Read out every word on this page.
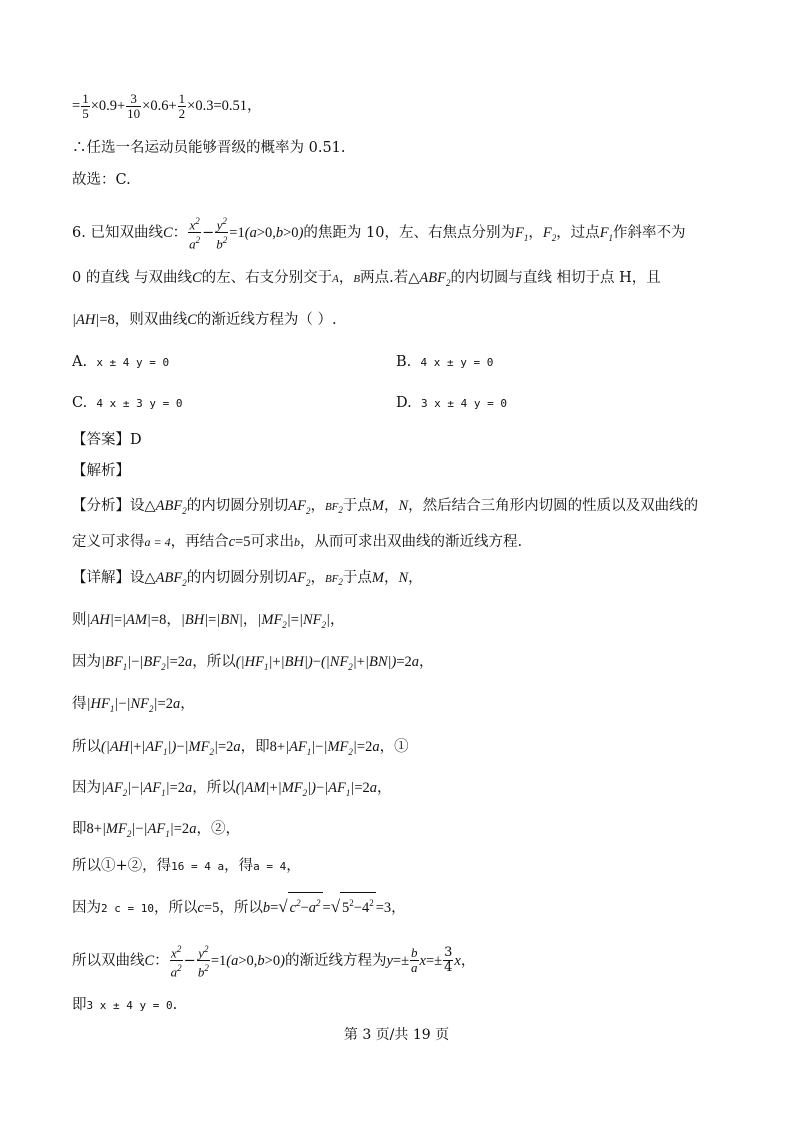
= $\frac{1}{5} \times 0.9+ \frac{3}{10} \times 0.6+ \frac{1}{2} \times 0.3=0.51$，
∴任选一名运动员能够晋级的概率为 0.51.
故选：C.
6. 已知双曲线C： $\frac{x^2}{a^2} - \frac{y^2}{b^2} =1(a>0,b>0)$的焦距为 10，左、右焦点分别为$F_1$，$F_2$，过点$F_1$作斜率不为
0 的直线 与双曲线C的左、右支分别交于A，B两点.若$\triangle ABF_2$的内切圆与直线 相切于点 H，且
|AH|=8，则双曲线C的渐近线方程为（ ）.
A. x ± 4 y = 0	B. 4 x ± y = 0
C. 4 x ± 3 y = 0	D. 3 x ± 4 y = 0
【答案】D
【解析】
【分析】设$\triangle ABF_2$的内切圆分别切$AF_2$，$BF_2$于点M，N，然后结合三角形内切圆的性质以及双曲线的
定义可求得a = 4，再结合c=5可求出b，从而可求出双曲线的渐近线方程.
【详解】设$\triangle ABF_2$的内切圆分别切$AF_2$，$BF_2$于点M，N，
则|AH|=|AM|=8，|BH|=|BN|，$|MF_2|=|NF_2|$，
因为$|BF_1|-|BF_2|=2a$，所以$(|HF_1|+|BH|)-(|NF_2|+|BN|)=2a$，
得$|HF_1|-|NF_2|=2a$，
所以$(|AH|+|AF_1|)-|MF_2|=2a$，即$8+|AF_1|-|MF_2|=2a$，①
因为$|AF_2|-|AF_1|=2a$，所以$(|AM|+|MF_2|)-|AF_1|=2a$，
即$8+|MF_2|-|AF_1|=2a$，②，
所以①+②，得16 = 4 a，得a = 4，
因为2 c = 10，所以c=5，所以b=√ $c^2-a^2$ =√ $5^2-4^2 =3$，
所以双曲线C： $\frac{x^2}{a^2} - \frac{y^2}{b^2} =1(a>0,b>0)$的渐近线方程为$y=\pm \frac{b}{a} x=\pm \frac{3}{4}$ x，
即3 x ± 4 y = 0.
第 3 页/共 19 页
